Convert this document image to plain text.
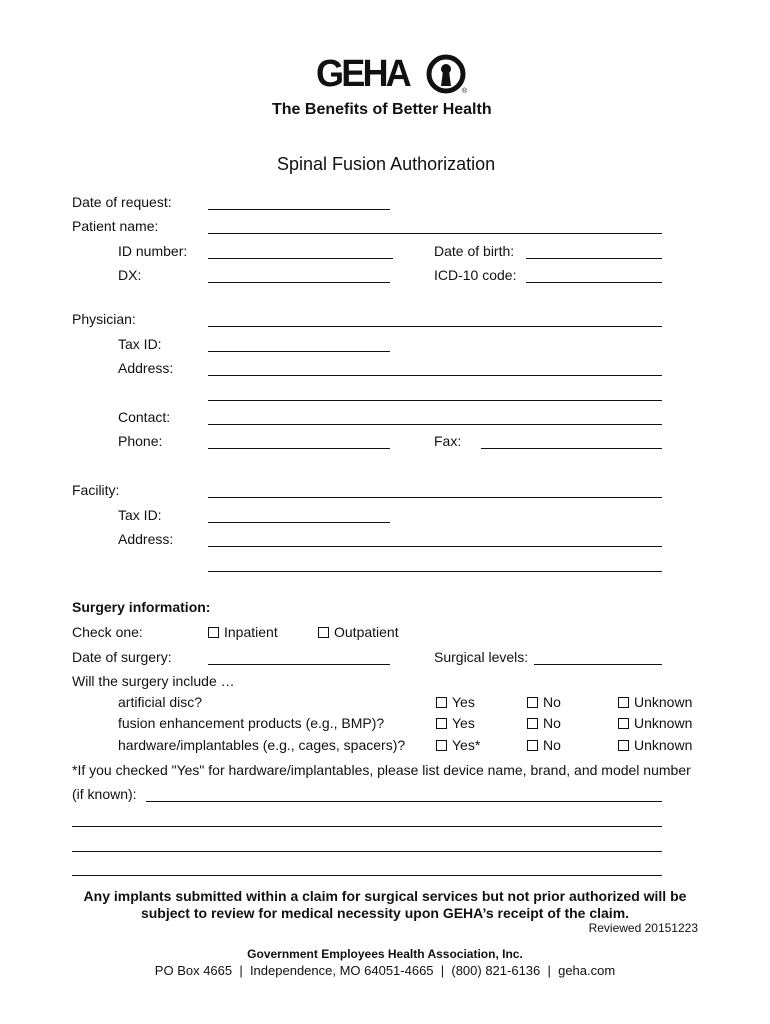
GEHA	®
The Benefits of Better Health
Spinal Fusion Authorization
Date of request:
Patient name:
ID number:	Date of birth:
DX:	ICD-10 code:
Physician:
Tax ID:
Address:
Contact:
Phone:	Fax:
Facility:
Tax ID:
Address:
Surgery information:
Check one:	Inpatient	Outpatient
Date of surgery:	Surgical levels:
Will the surgery include …
artificial disc?	Yes	No	Unknown
fusion enhancement products (e.g., BMP)?	Yes	No	Unknown
hardware/implantables (e.g., cages, spacers)?	Yes*	No	Unknown
*If you checked "Yes" for hardware/implantables, please list device name, brand, and model number
(if known):
Any implants submitted within a claim for surgical services but not prior authorized will be
subject to review for medical necessity upon GEHA’s receipt of the claim.
Reviewed 20151223
Government Employees Health Association, Inc.
PO Box 4665  |  Independence, MO 64051-4665  |  (800) 821-6136  |  geha.com
